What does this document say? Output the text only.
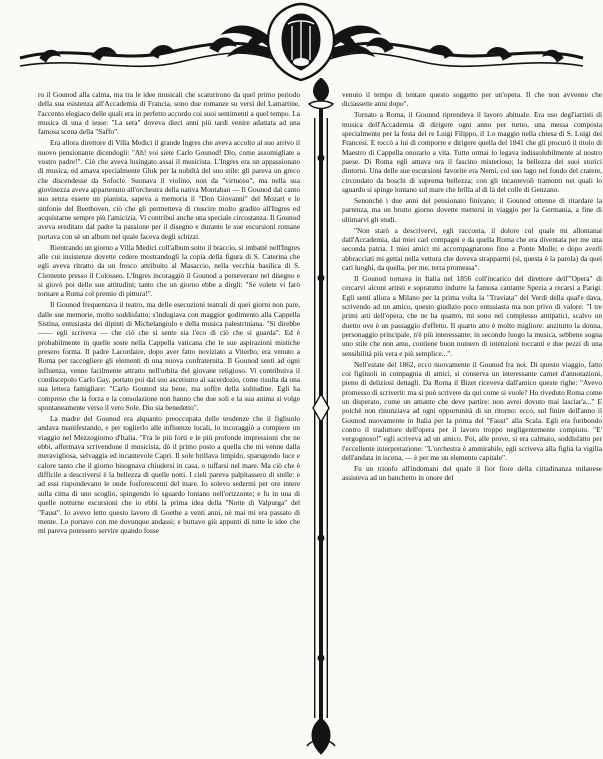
ro il Gounod alla calma, ma tra le idee musicali che scaturirono da quel primo periodo della sua esistenza all'Accademia di Francia, sono due romanze su versi del Lamartine, l'accento elegiaco delle quali era in perfetto accordo coi suoi sentimenti a quel tempo. La musica di una d iesse: "La sera" doveva dieci anni più tardi venire adattata ad una famosa scena della "Saffo".

Era allora direttore di Villa Medici il grande Ingres che aveva accolto al suo arrivo il nuovo pensionante dicendogli: "Ah! voi siete Carlo Gounod! Dio, come assomigliate a vostro padre!". Ciò che aveva lusingato assai il musicista. L'Ingres era un appassionato di musica, ed amava specialmente Gluk per la nobiltà del suo stile: gli pareva un greco che discendesse da Sofocle. Suonava il violino, non da "virtuoso", ma nella sua giovinezza aveva appartenuto all'orchestra della nativa Montaban — Il Gounod dal canto suo senza essere un pianista, sapeva a memoria il "Don Giovanni" del Mozart e le sinfonie del Beethoven, ciò che gli permetteva di riuscire molto gradito all'Ingres ed acquistarne sempre più l'amicizia. Vi contribuì anche una speciale circostanza. Il Gounod aveva ereditato dal padre la passione per il disegno e durante le sue escursioni romane portava con sè un album nel quale faceva degli schizzi.

Rientrando un giorno a Villa Medici coll'album sotto il braccio, si imbattè nell'Ingres alle cui insistenze dovette cedere mostrandogli la copia della figura di S. Caterina che egli aveva ritratto da un fresco attribuito al Masaccio, nella vecchia basilica di S. Clemente presso il Colosseo. L'Ingres incoraggiò il Gounod a perseverare nel disegno e si giovò poi delle sue attitudini; tanto che un giorno ebbe a dirgli: "Se volete vi farò tornare a Roma col premio di pittura!".

Il Gounod frequentava il teatro, ma delle esecuzioni teatrali di quei giorni non pare, dalle sue memorie, molto soddisfatto; s'indugiava con maggior godimento alla Cappella Sistina, entusiasta dei dipinti di Michelangiolo e della musica palestriniana. "Si direbbe —— egli scriveva — che ciò che si sente sia l'eco di ciò che si guarda". Ed è probabilmente in quelle soste nella Cappella vaticana che le sue aspirazioni mistiche presero forma. Il padre Lacordaire, dopo aver fatto noviziato a Viterbo, era venuto a Roma per raccogliere gli elementi di una nuova confraternita. Il Gounod sentì ad ogni influenza, venne facilmente attratto nell'orbita del giovane religioso. Vi contribuiva il condiscepolo Carlo Gay, portato poi dal suo ascetismo al sacerdozio, come risulta da una sua lettera famigliare: "Carlo Gounod sta bene, ma soffre della solitudine. Egli ha compreso che la forza e la consolazione non hanno che due soli e la sua anima si volge spontaneamente verso il vero Sole. Dio sia benedetto".

La madre del Gounod era alquanto preoccupata delle tendenze che il figliuolo andava manifestando, e per toglierlo alle influenze locali, lo incoraggiò a compiere un viaggio nel Mezzogiorno d'Italia. "Fra le più forti e le più profonde impressioni che ne ebbi, affermava scrivendone il musicista, dò il primo posto a quella che mi venne dalla meravigliosa, selvaggia ed incantevole Capri. Il sole brillava limpido, sparsgendo luce e calore tanto che il giorno bisognava chiudersi in casa, o tuffarsi nel mare. Ma ciò che è difficile a descriversi è la bellezza di quelle notti. I cieli pareva palpitassero di stelle: e ad essi rispondevano le onde fosforescenti del mare. Io solevo sedermi per ore intere sulla cima di uno scoglio, spingendo lo sguardo lontano nell'orizzonte; e fu in una di quelle notturne escursioni che io ebbi la prima idea della "Notte di Valpurga" del "Faust". Io avevo letto questo lavoro di Goethe a venti anni, nè mai mi era passato di mente. Lo portavo con me dovunque andassi; e buttavo giù appunti di tutte le idee che mi pareva potessero servire quando fosse

venuto il tempo di tentare questo soggetto per un'opera. Il che non avvenne che diciassette anni dopo".

Tornato a Roma, il Gounod riprendeva il lavoro abituale. Era uso degl'iartisti di musica dell'Accademia di dirigere ogni anno per turno, una messa composta specialmente per la festa del re Luigi Filippo, il 1.o maggio nella chiesa di S. Luigi dei Francesi. E toccò a lui di comporre e dirigere quella del 1841 che gli procurò il titolo di Maestro di Cappella onorario a vita. Tutto ormai lo legava indissolubilmente al nostro paese. Di Roma egli amava ora il fascino misterioso; la bellezza dei suoi storici dintorni. Una delle sue escursioni favorite era Nemi, col suo lago nel fondo del cratere, circondato da boschi di suprema bellezza; con gli incantevoli tramonti nei quali lo sguardo si spinge lontano sul mare che brilla al di là del colle di Genzano.

Senonchè i due anni del pensionato finivano; il Gounod ottenne di ritardare la partenza, ma un brutto giorno dovette mettersi in viaggio per la Germania, a fine di ultimarvi gli studi.

"Non starò a descrivervi, egli racconta, il dolore col quale mi allontanai dall'Accademia, dai miei cari compagni e da quella Roma che era diventata per me una seconda patria. I miei amici mi accompagnarono fino a Ponte Molle; e dopo averli abbracciati mi gettai nella vettura che doveva strapparmi (sì, questa è la parola) da quei cari luoghi, da quella, per me, terra promessa".

Il Gounod tornava in Italia nel 1856 coll'incarico del direttore dell'"Opera" di cercarvi alcuni artisti e sopratutto indurre la famosa cantante Spezia a recarsi a Parigi. Egli sentì allora a Milano per la prima volta la "Traviata" del Verdi della qual'e dava, scrivendo ad un amico, questo giudizio poco entusiasta ma non privo di valore: "I tre primi atti dell'opera, che ne ha quattro, mi sono nel complesso antipatici, scalvo un duetto ove è un passaggio d'effetto. Il quarto atto è molto migliore: anzitutto la donna, personaggio principale, n'è più interessante; in secondo luogo la musica, sebbene sogna uno stile che non amo, contiene buon numero di intenzioni toccanti e due pezzi di una sensibilità più vera e più semplice...".

Nell'estate del 1862, ecco nuovamente il Gounod fra noi. Di questo viaggio, fatto coi figliuoli in compagnia di amici, si conserva un interessante carnet d'annotazioni, pieno di deliziosi dettagli. Da Roma il Bizet riceveva dall'amico queste righe: "Avevo promesso di scriverti: ma si può scrivere da qui come si vuole? Ho riveduto Roma come un disperato, come un amante che deve partire: non avrei dovuto mai lasciar'a..." E poichè non rinunziava ad ogni opportunità di un ritorno: ecco, sul finire dell'anno il Gounod nuovamente in Italia per la prima del "Faust" alla Scala. Egli era furibondo contro il traduttore dell'opera per il lavoro troppo negligentemente compiuto. "E' vergognoso!" egli scriveva ad un amico. Poi, alle prove, si era calmato, soddisfatto per l'eccellente interpretazione: "L'orchestra è ammirabile, egli scriveva alla figlia la vigilia dell'andata in iscena, — è per me un elemento capitale".

Fu un trionfo all'indomani del quale il fior fiore della cittadinanza milanese assisteva ad un banchetto in onore del
